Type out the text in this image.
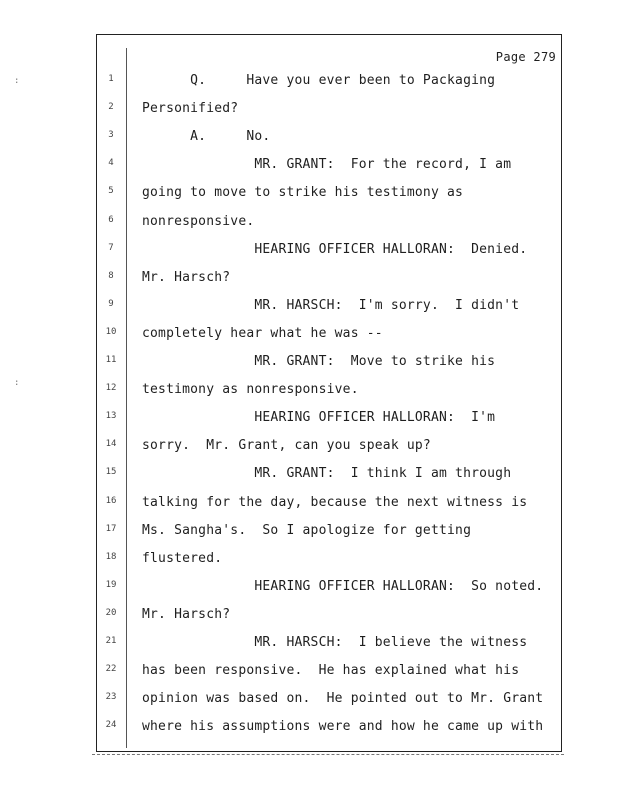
:
:
Page 279
1	Q.     Have you ever been to Packaging
2	Personified?
3	A.     No.
4	MR. GRANT:  For the record, I am
5	going to move to strike his testimony as
6	nonresponsive.
7	HEARING OFFICER HALLORAN:  Denied.
8	Mr. Harsch?
9	MR. HARSCH:  I'm sorry.  I didn't
10	completely hear what he was --
11	MR. GRANT:  Move to strike his
12	testimony as nonresponsive.
13	HEARING OFFICER HALLORAN:  I'm
14	sorry.  Mr. Grant, can you speak up?
15	MR. GRANT:  I think I am through
16	talking for the day, because the next witness is
17	Ms. Sangha's.  So I apologize for getting
18	flustered.
19	HEARING OFFICER HALLORAN:  So noted.
20	Mr. Harsch?
21	MR. HARSCH:  I believe the witness
22	has been responsive.  He has explained what his
23	opinion was based on.  He pointed out to Mr. Grant
24	where his assumptions were and how he came up with
